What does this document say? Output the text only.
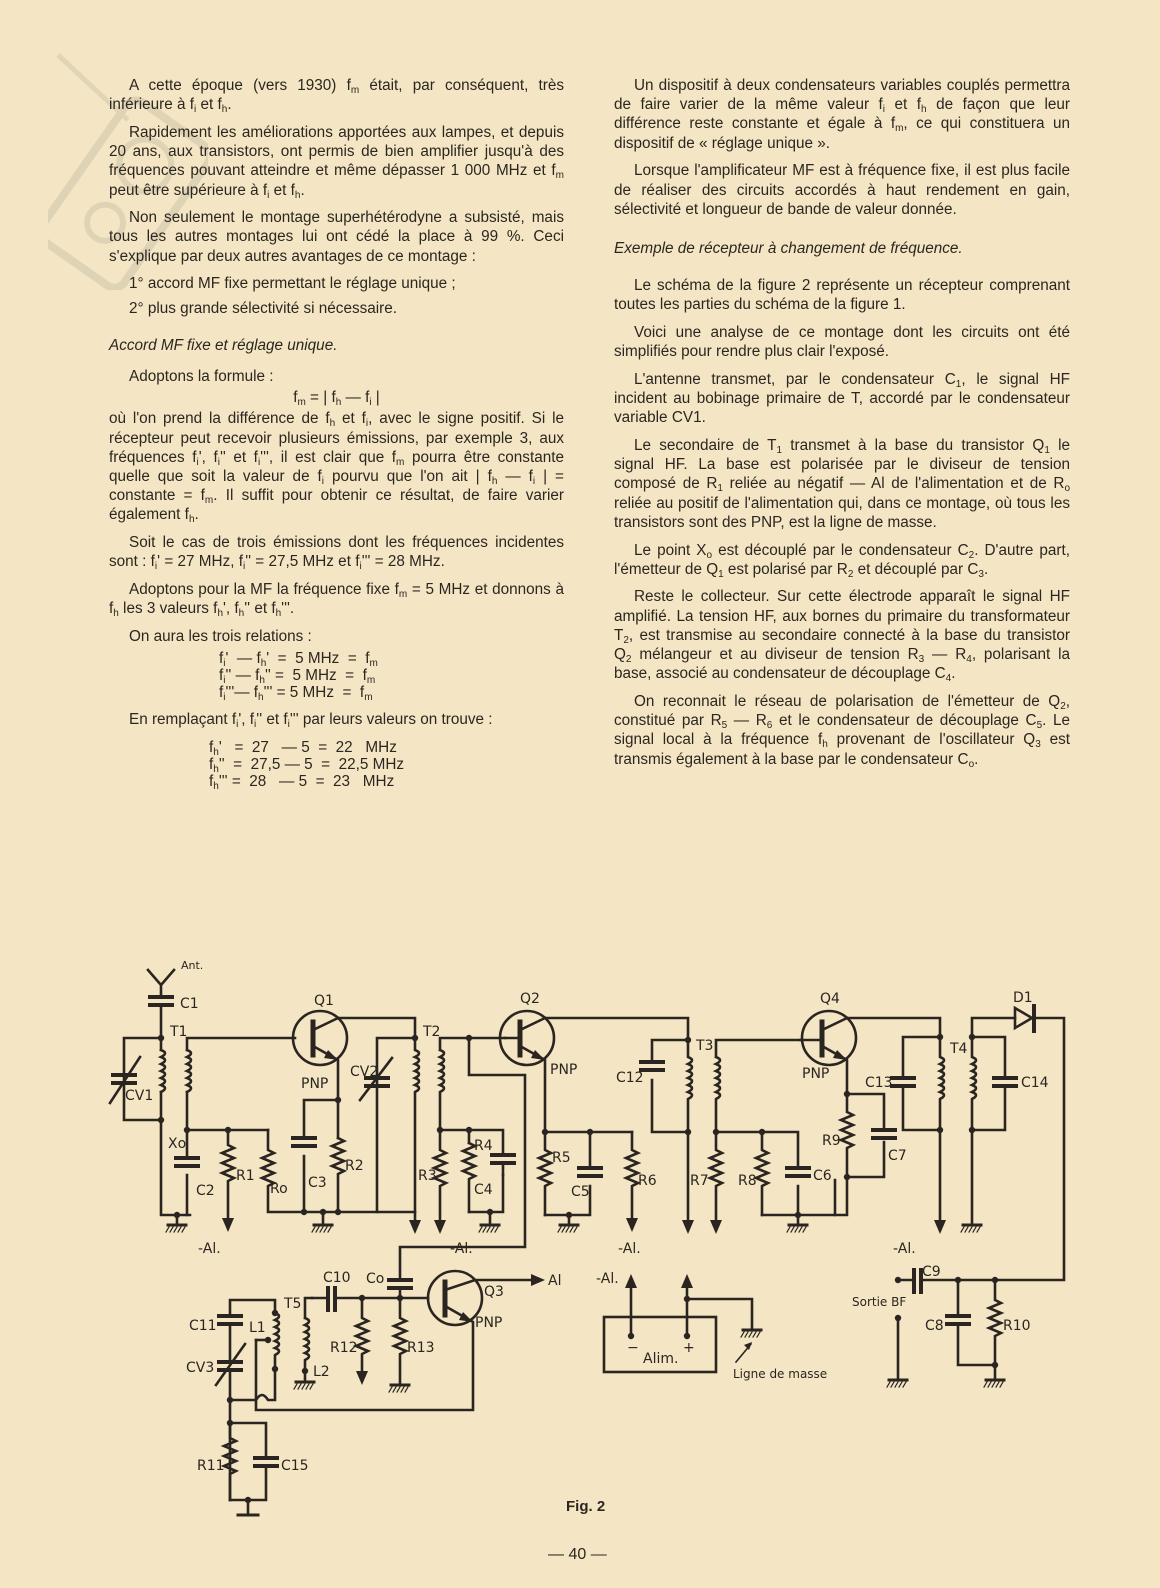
A cette époque (vers 1930) $f_m$ était, par conséquent, très inférieure à $f_i$ et $f_h$.

Rapidement les améliorations apportées aux lampes, et depuis 20 ans, aux transistors, ont permis de bien amplifier jusqu'à des fréquences pouvant atteindre et même dépasser 1 000 MHz et $f_m$ peut être supérieure à $f_i$ et $f_h$.

Non seulement le montage superhétérodyne a subsisté, mais tous les autres montages lui ont cédé la place à 99 %. Ceci s'explique par deux autres avantages de ce montage :

1° accord MF fixe permettant le réglage unique ;

2° plus grande sélectivité si nécessaire.

Accord MF fixe et réglage unique.

Adoptons la formule :

$f_m$ = | $f_h$ — $f_i$ |

où l'on prend la différence de $f_h$ et $f_i$, avec le signe positif. Si le récepteur peut recevoir plusieurs émissions, par exemple 3, aux fréquences $f_i'$, $f_i''$ et $f_i'''$, il est clair que $f_m$ pourra être constante quelle que soit la valeur de $f_i$ pourvu que l'on ait | $f_h$ — $f_i$ | = constante = $f_m$. Il suffit pour obtenir ce résultat, de faire varier également $f_h$.

Soit le cas de trois émissions dont les fréquences incidentes sont : $f_i' = 27$ MHz, $f_i'' = 27,5$ MHz et $f_i''' = 28$ MHz.

Adoptons pour la MF la fréquence fixe $f_m = 5$ MHz et donnons à $f_h$ les 3 valeurs $f_h'$, $f_h''$ et $f_h'''$.

On aura les trois relations :

$f_i'$  — $f_h' = 5$ MHz  =  $f_m$
$f_i''$ — $f_h'' = 5$ MHz  =  $f_m$
$f_i'''—$ $f_h''' = 5$ MHz  =  $f_m$

En remplaçant $f_i'$, $f_i''$ et $f_i'''$ par leurs valeurs on trouve :

$f_h' = 27$   — 5  =  22   MHz
$f_h'' = 27,5$ — 5  =  22,5 MHz
$f_h''' = 28$   — 5  =  23   MHz

Un dispositif à deux condensateurs variables couplés permettra de faire varier de la même valeur $f_i$ et $f_h$ de façon que leur différence reste constante et égale à $f_m$, ce qui constituera un dispositif de « réglage unique ».

Lorsque l'amplificateur MF est à fréquence fixe, il est plus facile de réaliser des circuits accordés à haut rendement en gain, sélectivité et longueur de bande de valeur donnée.

Exemple de récepteur à changement de fréquence.

Le schéma de la figure 2 représente un récepteur comprenant toutes les parties du schéma de la figure 1.

Voici une analyse de ce montage dont les circuits ont été simplifiés pour rendre plus clair l'exposé.

L'antenne transmet, par le condensateur $C_1$, le signal HF incident au bobinage primaire de T, accordé par le condensateur variable CV1.

Le secondaire de $T_1$ transmet à la base du transistor $Q_1$ le signal HF. La base est polarisée par le diviseur de tension composé de $R_1$ reliée au négatif — Al de l'alimentation et de $R_o$ reliée au positif de l'alimentation qui, dans ce montage, où tous les transistors sont des PNP, est la ligne de masse.

Le point $X_o$ est découplé par le condensateur $C_2$. D'autre part, l'émetteur de $Q_1$ est polarisé par $R_2$ et découplé par $C_3$.

Reste le collecteur. Sur cette électrode apparaît le signal HF amplifié. La tension HF, aux bornes du primaire du transformateur $T_2$, est transmise au secondaire connecté à la base du transistor $Q_2$ mélangeur et au diviseur de tension $R_3$ — $R_4$, polarisant la base, associé au condensateur de découplage $C_4$.

On reconnait le réseau de polarisation de l'émetteur de $Q_2$, constitué par $R_5$ — $R_6$ et le condensateur de découplage $C_5$. Le signal local à la fréquence $f_h$ provenant de l'oscillateur $Q_3$ est transmis également à la base par le condensateur $C_o$.

Ant.
C1
T1
CV1
Xo
C2
R1
Ro C3
R2
Q1
PNP
CV2
T2
R3
R4
C4
Q2
PNP
R5
C5
R6
C12
T3
R7 R8	C6
Q4
PNP
R9
C7
C13
T4
C14
D1
-Al.	-Al.	-Al.	-Al.
-Al.
Al
C10 Co
Q3
PNP
T5
L1
L2
C11
CV3
R12	R13
R11	C15
Alim.
−	+
Ligne de masse
C9
Sortie BF
C8	R10
Fig. 2
— 40 —
